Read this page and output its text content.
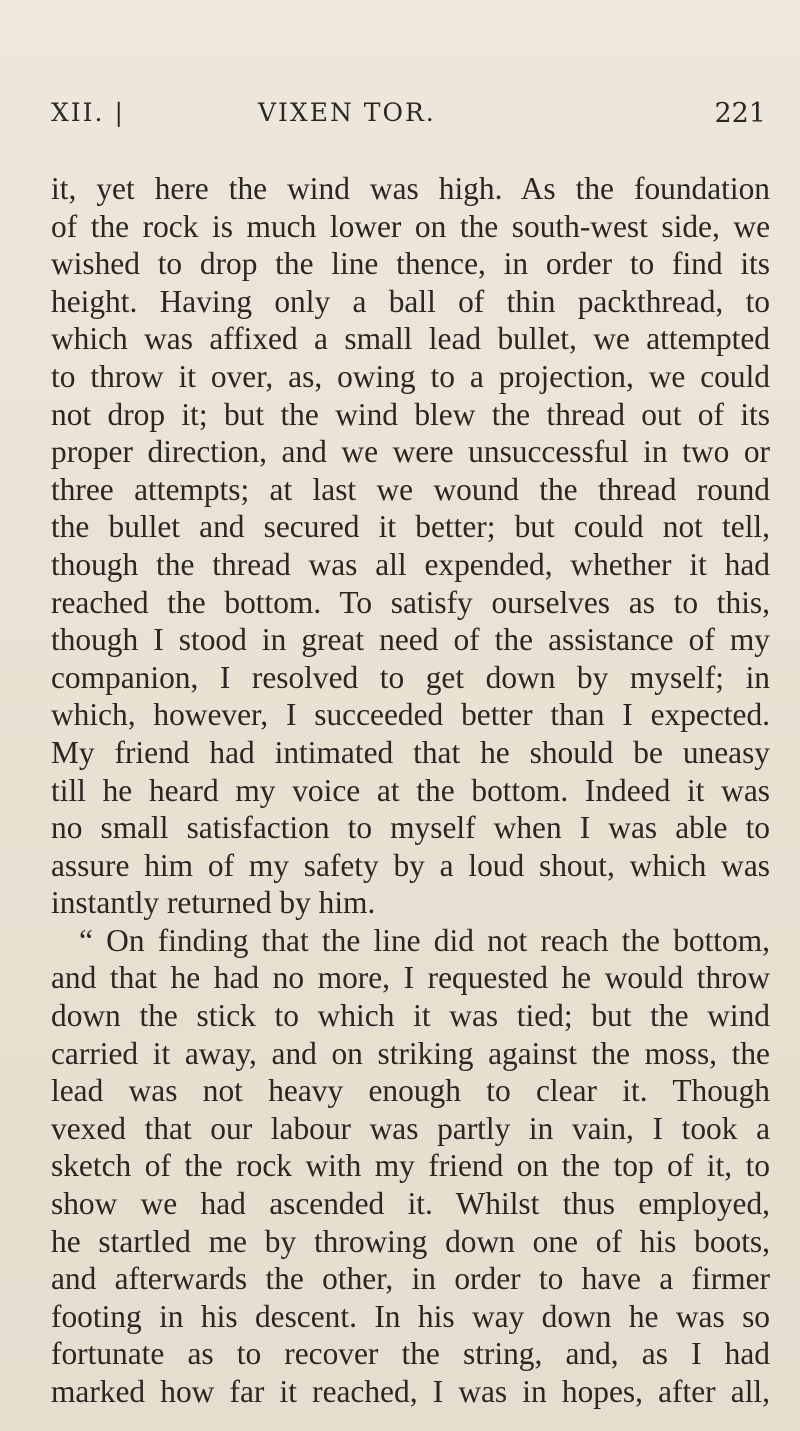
XII. |	VIXEN TOR.	221
it, yet here the wind was high. As the foundation
of the rock is much lower on the south-west side, we
wished to drop the line thence, in order to find its
height. Having only a ball of thin packthread, to
which was affixed a small lead bullet, we attempted
to throw it over, as, owing to a projection, we could
not drop it; but the wind blew the thread out of its
proper direction, and we were unsuccessful in two or
three attempts; at last we wound the thread round
the bullet and secured it better; but could not tell,
though the thread was all expended, whether it had
reached the bottom. To satisfy ourselves as to this,
though I stood in great need of the assistance of my
companion, I resolved to get down by myself; in
which, however, I succeeded better than I expected.
My friend had intimated that he should be uneasy
till he heard my voice at the bottom. Indeed it was
no small satisfaction to myself when I was able to
assure him of my safety by a loud shout, which was
instantly returned by him.
“ On finding that the line did not reach the bottom,
and that he had no more, I requested he would throw
down the stick to which it was tied; but the wind
carried it away, and on striking against the moss, the
lead was not heavy enough to clear it. Though
vexed that our labour was partly in vain, I took a
sketch of the rock with my friend on the top of it, to
show we had ascended it. Whilst thus employed,
he startled me by throwing down one of his boots,
and afterwards the other, in order to have a firmer
footing in his descent. In his way down he was so
fortunate as to recover the string, and, as I had
marked how far it reached, I was in hopes, after all,
